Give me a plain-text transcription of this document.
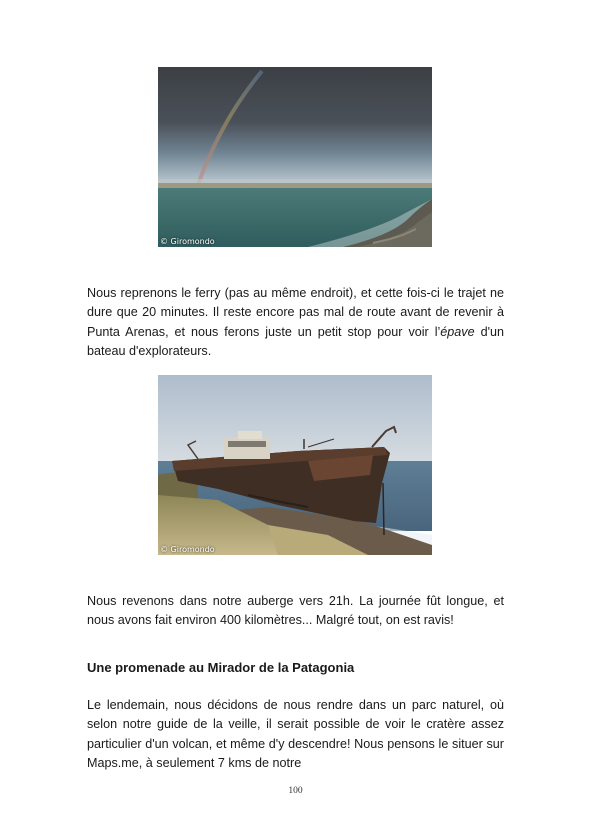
© Giromondo

Nous reprenons le ferry (pas au même endroit), et cette fois-ci le trajet ne dure que 20 minutes. Il reste encore pas mal de route avant de revenir à Punta Arenas, et nous ferons juste un petit stop pour voir l’épave d'un bateau d'explorateurs.

© Giromondo

Nous revenons dans notre auberge vers 21h. La journée fût longue, et nous avons fait environ 400 kilomètres... Malgré tout, on est ravis!

Une promenade au Mirador de la Patagonia

Le lendemain, nous décidons de nous rendre dans un parc naturel, où selon notre guide de la veille, il serait possible de voir le cratère assez particulier d'un volcan, et même d'y descendre! Nous pensons le situer sur Maps.me, à seulement 7 kms de notre

100
